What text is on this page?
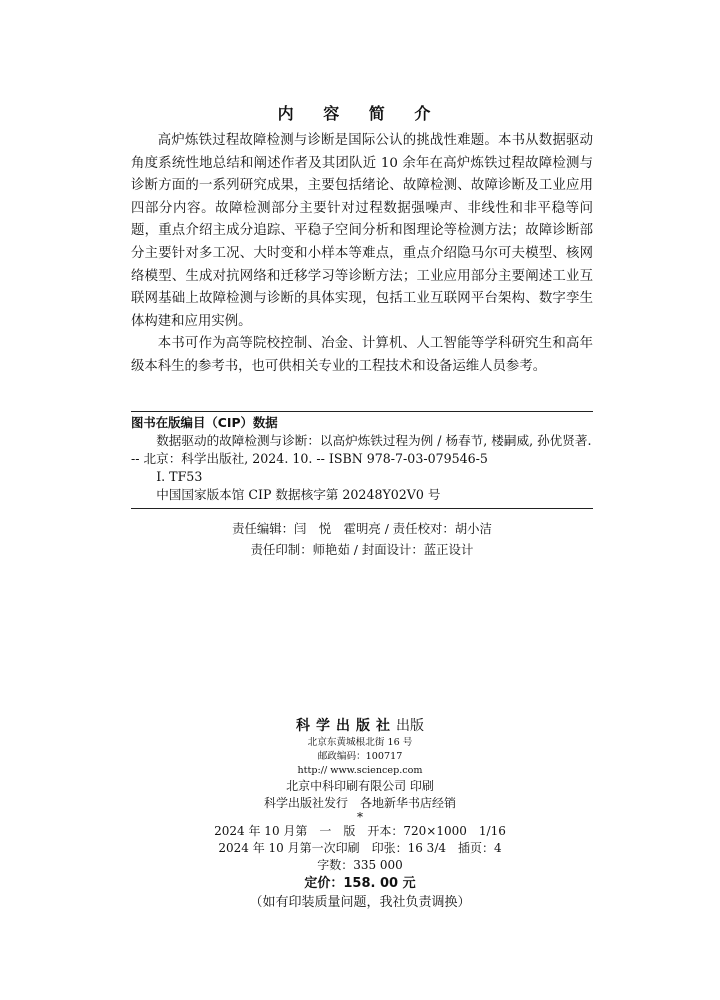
内 容 简 介

高炉炼铁过程故障检测与诊断是国际公认的挑战性难题。本书从数据驱动角度系统性地总结和阐述作者及其团队近 10 余年在高炉炼铁过程故障检测与诊断方面的一系列研究成果，主要包括绪论、故障检测、故障诊断及工业应用四部分内容。故障检测部分主要针对过程数据强噪声、非线性和非平稳等问题，重点介绍主成分追踪、平稳子空间分析和图理论等检测方法；故障诊断部分主要针对多工况、大时变和小样本等难点，重点介绍隐马尔可夫模型、核网络模型、生成对抗网络和迁移学习等诊断方法；工业应用部分主要阐述工业互联网基础上故障检测与诊断的具体实现，包括工业互联网平台架构、数字孪生体构建和应用实例。

本书可作为高等院校控制、冶金、计算机、人工智能等学科研究生和高年级本科生的参考书，也可供相关专业的工程技术和设备运维人员参考。

图书在版编目（CIP）数据

数据驱动的故障检测与诊断：以高炉炼铁过程为例 / 杨春节, 楼嗣威, 孙优贤著. -- 北京：科学出版社, 2024. 10. -- ISBN 978-7-03-079546-5

Ⅰ. TF53
中国国家版本馆 CIP 数据核字第 20248Y02V0 号
责任编辑：闫　悦　霍明亮 / 责任校对：胡小洁
责任印制：师艳茹 / 封面设计：蓝正设计
科学出版社出版
北京东黄城根北街 16 号
邮政编码：100717
http:// www.sciencep.com
北京中科印刷有限公司 印刷
科学出版社发行　各地新华书店经销
*
2024 年 10 月第　一　版　开本：720×1000　1/16
2024 年 10 月第一次印刷　印张：16 3/4　插页：4
字数：335 000
定价：158. 00 元
（如有印装质量问题，我社负责调换）
